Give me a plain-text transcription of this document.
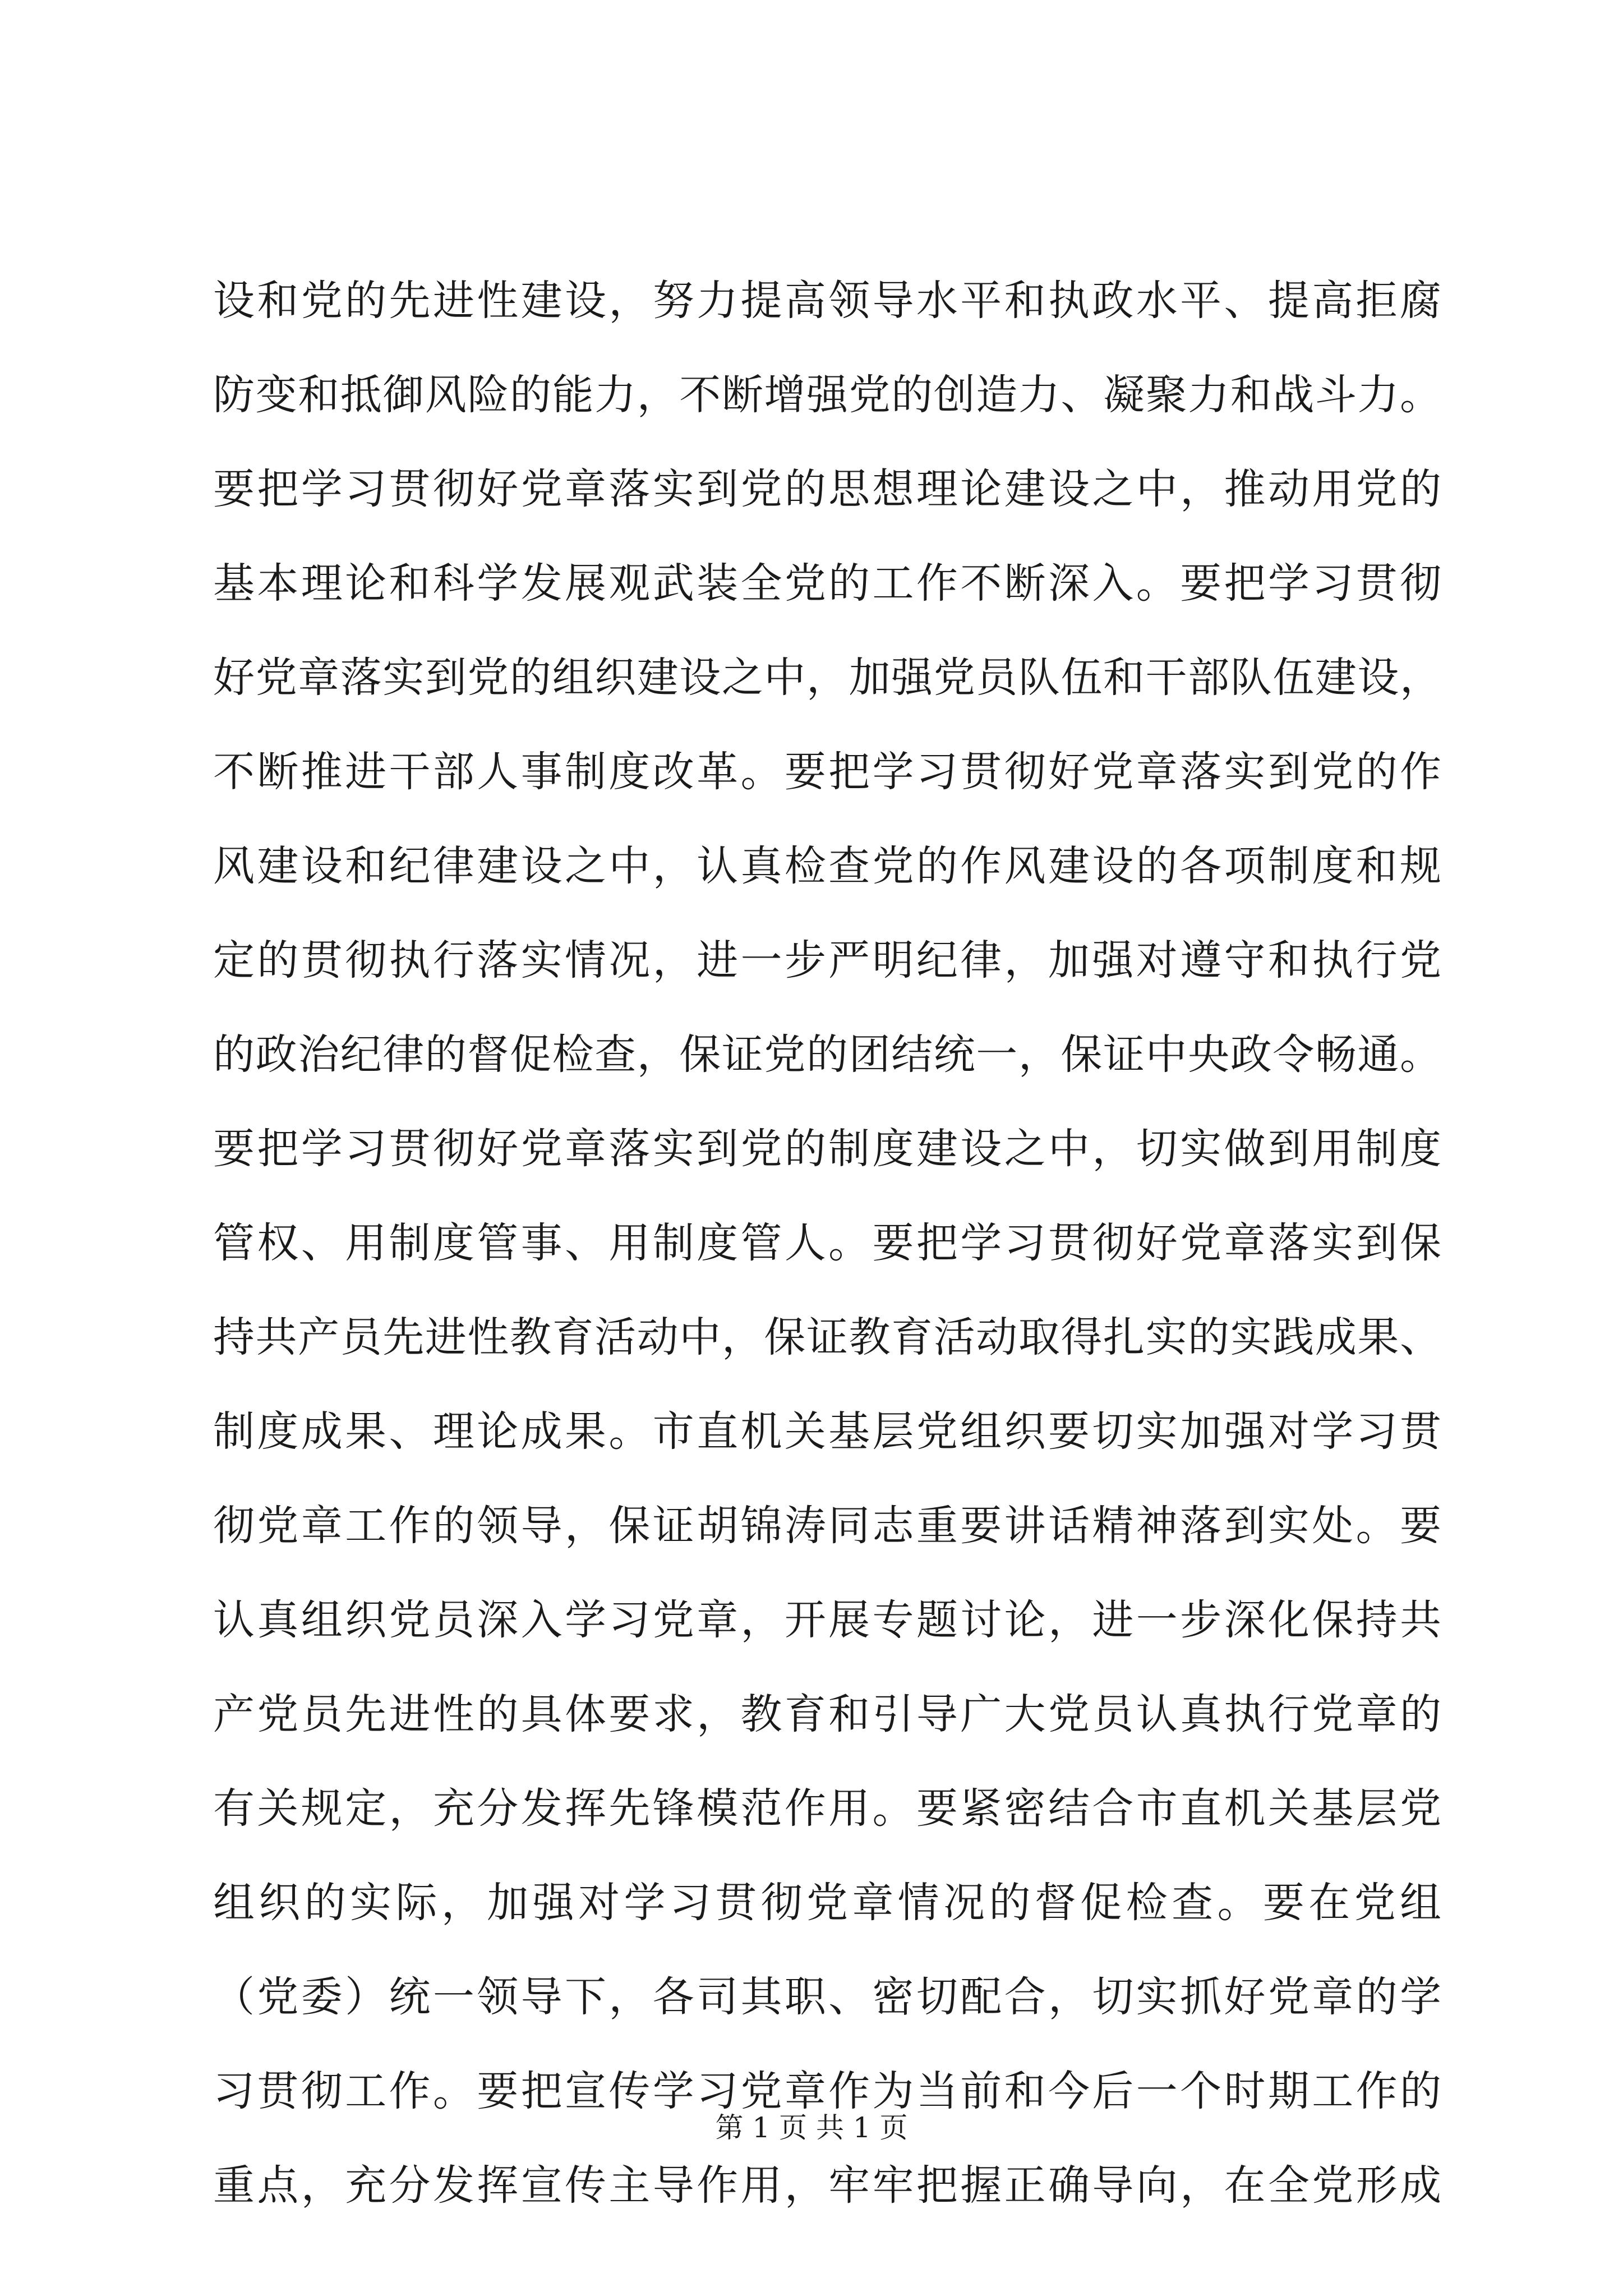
设和党的先进性建设，努力提高领导水平和执政水平、提高拒腐
防变和抵御风险的能力，不断增强党的创造力、凝聚力和战斗力。
要把学习贯彻好党章落实到党的思想理论建设之中，推动用党的
基本理论和科学发展观武装全党的工作不断深入。要把学习贯彻
好党章落实到党的组织建设之中，加强党员队伍和干部队伍建设，
不断推进干部人事制度改革。要把学习贯彻好党章落实到党的作
风建设和纪律建设之中，认真检查党的作风建设的各项制度和规
定的贯彻执行落实情况，进一步严明纪律，加强对遵守和执行党
的政治纪律的督促检查，保证党的团结统一，保证中央政令畅通。
要把学习贯彻好党章落实到党的制度建设之中，切实做到用制度
管权、用制度管事、用制度管人。要把学习贯彻好党章落实到保
持共产员先进性教育活动中，保证教育活动取得扎实的实践成果、
制度成果、理论成果。市直机关基层党组织要切实加强对学习贯
彻党章工作的领导，保证胡锦涛同志重要讲话精神落到实处。要
认真组织党员深入学习党章，开展专题讨论，进一步深化保持共
产党员先进性的具体要求，教育和引导广大党员认真执行党章的
有关规定，充分发挥先锋模范作用。要紧密结合市直机关基层党
组织的实际，加强对学习贯彻党章情况的督促检查。要在党组
（党委）统一领导下，各司其职、密切配合，切实抓好党章的学
习贯彻工作。要把宣传学习党章作为当前和今后一个时期工作的
重点，充分发挥宣传主导作用，牢牢把握正确导向，在全党形成
第 1 页 共 1 页
